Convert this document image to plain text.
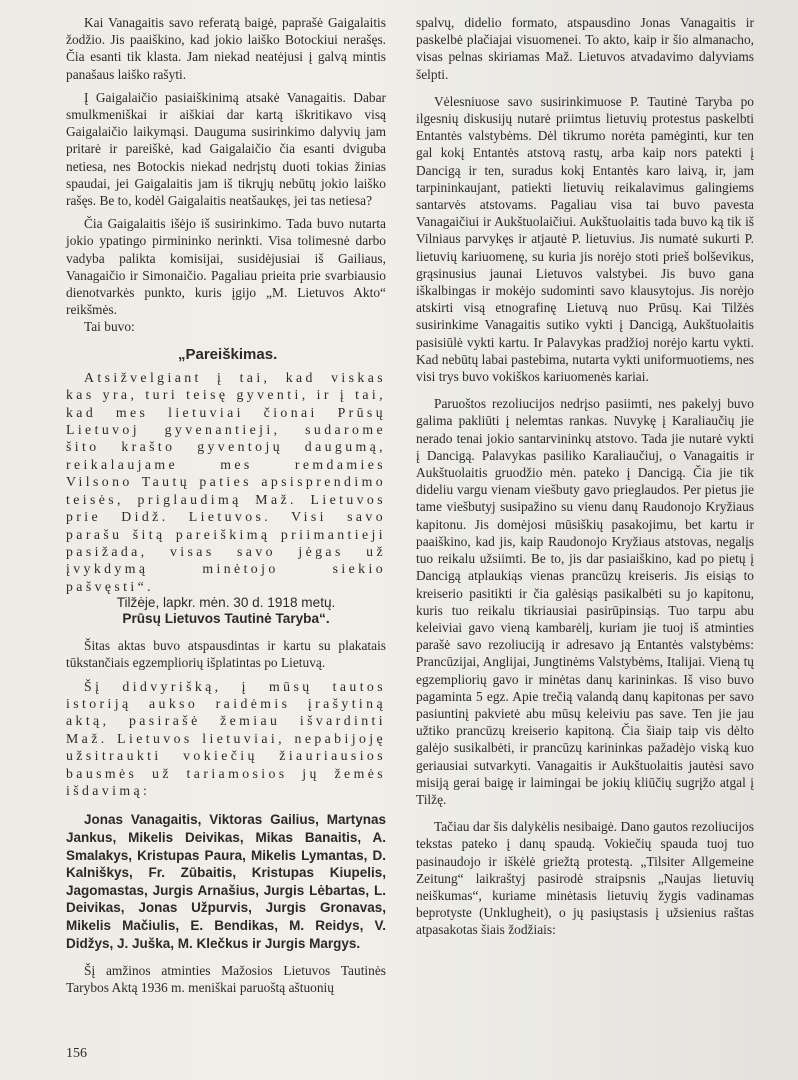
Kai Vanagaitis savo referatą baigė, paprašė Gaigalaitis žodžio. Jis paaiškino, kad jokio laiško Botockiui nerašęs. Čia esanti tik klasta. Jam niekad neatėjusi į galvą mintis panašaus laiško rašyti.

Į Gaigalaičio pasiaiškinimą atsakė Vanagaitis. Dabar smulkmeniškai ir aiškiai dar kartą iškritikavo visą Gaigalaičio laikymąsi. Dauguma susirinkimo dalyvių jam pritarė ir pareiškė, kad Gaigalaičio čia esanti dviguba netiesa, nes Botockis niekad nedrįstų duoti tokias žinias spaudai, jei Gaigalaitis jam iš tikrųjų nebūtų jokio laiško rašęs. Be to, kodėl Gaigalaitis neatšaukęs, jei tas netiesa?

Čia Gaigalaitis išėjo iš susirinkimo. Tada buvo nutarta jokio ypatingo pirmininko nerinkti. Visa tolimesnė darbo vadyba palikta komisijai, susidėjusiai iš Gailiaus, Vanagaičio ir Simonaičio. Pagaliau prieita prie svarbiausio dienotvarkės punkto, kuris įgijo „M. Lietuvos Akto“ reikšmės.

Tai buvo:

„Pareiškimas.

Atsižvelgiant į tai, kad viskas kas yra, turi teisę gyventi, ir į tai, kad mes lietuviai čionai Prūsų Lietuvoj gyvenantieji, sudarome šito krašto gyventojų daugumą, reikalaujame mes remdamies Vilsono Tautų paties apsisprendimo teisės, priglaudimą Maž. Lietuvos prie Didž. Lietuvos. Visi savo parašu šitą pareiškimą priimantieji pasižada, visas savo jėgas už įvykdymą minėtojo siekio pašvęsti“.

Tilžėje, lapkr. mėn. 30 d. 1918 metų.
Prūsų Lietuvos Tautinė Taryba“.

Šitas aktas buvo atspausdintas ir kartu su plakatais tūkstančiais egzempliorių išplatintas po Lietuvą.

Šį didvyrišką, į mūsų tautos istoriją aukso raidėmis įrašytiną aktą, pasirašė žemiau išvardinti Maž. Lietuvos lietuviai, nepabijoję užsitraukti vokiečių žiauriausios bausmės už tariamosios jų žemės išdavimą:

Jonas Vanagaitis, Viktoras Gailius, Martynas Jankus, Mikelis Deivikas, Mikas Banaitis, A. Smalakys, Kristupas Paura, Mikelis Lymantas, D. Kalniškys, Fr. Zūbaitis, Kristupas Kiupelis, Jagomastas, Jurgis Arnašius, Jurgis Lėbartas, L. Deivikas, Jonas Užpurvis, Jurgis Gronavas, Mikelis Mačiulis, E. Bendikas, M. Reidys, V. Didžys, J. Juška, M. Klečkus ir Jurgis Margys.

Šį amžinos atminties Mažosios Lietuvos Tautinės Tarybos Aktą 1936 m. meniškai paruoštą aštuonių

spalvų, didelio formato, atspausdino Jonas Vanagaitis ir paskelbė plačiajai visuomenei. To akto, kaip ir šio almanacho, visas pelnas skiriamas Maž. Lietuvos atvadavimo dalyviams šelpti.

Vėlesniuose savo susirinkimuose P. Tautinė Taryba po ilgesnių diskusijų nutarė priimtus lietuvių protestus paskelbti Entantės valstybėms. Dėl tikrumo norėta pamėginti, kur ten gal kokį Entantės atstovą rastų, arba kaip nors patekti į Dancigą ir ten, suradus kokį Entantės karo laivą, ir, jam tarpininkaujant, patiekti lietuvių reikalavimus galingiems santarvės atstovams. Pagaliau visa tai buvo pavesta Vanagaičiui ir Aukštuolaičiui. Aukštuolaitis tada buvo ką tik iš Vilniaus parvykęs ir atjautė P. lietuvius. Jis numatė sukurti P. lietuvių kariuomenę, su kuria jis norėjo stoti prieš bolševikus, grąsinusius jaunai Lietuvos valstybei. Jis buvo gana iškalbingas ir mokėjo sudominti savo klausytojus. Jis norėjo atskirti visą etnografinę Lietuvą nuo Prūsų. Kai Tilžės susirinkime Vanagaitis sutiko vykti į Dancigą, Aukštuolaitis pasisiūlė vykti kartu. Ir Palavykas pradžioj norėjo kartu vykti. Kad nebūtų labai pastebima, nutarta vykti uniformuotiems, nes visi trys buvo vokiškos kariuomenės kariai.

Paruoštos rezoliucijos nedrįso pasiimti, nes pakelyj buvo galima pakliūti į nelemtas rankas. Nuvykę į Karaliaučių jie nerado tenai jokio santarvininkų atstovo. Tada jie nutarė vykti į Dancigą. Palavykas pasiliko Karaliaučiuj, o Vanagaitis ir Aukštuolaitis gruodžio mėn. pateko į Dancigą. Čia jie tik dideliu vargu vienam viešbuty gavo prieglaudos. Per pietus jie tame viešbutyj susipažino su vienu danų Raudonojo Kryžiaus kapitonu. Jis domėjosi mūsiškių pasakojimu, bet kartu ir paaiškino, kad jis, kaip Raudonojo Kryžiaus atstovas, negalįs tuo reikalu užsiimti. Be to, jis dar pasiaiškino, kad po pietų į Dancigą atplaukiąs vienas prancūzų kreiseris. Jis eisiąs to kreiserio pasitikti ir čia galėsiąs pasikalbėti su jo kapitonu, kuris tuo reikalu tikriausiai pasirūpinsiąs. Tuo tarpu abu keleiviai gavo vieną kambarėlį, kuriam jie tuoj iš atminties parašė savo rezoliuciją ir adresavo ją Entantės valstybėms: Prancūzijai, Anglijai, Jungtinėms Valstybėms, Italijai. Vieną tų egzempliorių gavo ir minėtas danų karininkas. Iš viso buvo pagaminta 5 egz. Apie trečią valandą danų kapitonas per savo pasiuntinį pakvietė abu mūsų keleiviu pas save. Ten jie jau užtiko prancūzų kreiserio kapitoną. Čia šiaip taip vis dėlto galėjo susikalbėti, ir prancūzų karininkas pažadėjo viską kuo geriausiai sutvarkyti. Vanagaitis ir Aukštuolaitis jautėsi savo misiją gerai baigę ir laimingai be jokių kliūčių sugrįžo atgal į Tilžę.

Tačiau dar šis dalykėlis nesibaigė. Dano gautos rezoliucijos tekstas pateko į danų spaudą. Vokiečių spauda tuoj tuo pasinaudojo ir iškėlė griežtą protestą. „Tilsiter Allgemeine Zeitung“ laikraštyj pasirodė straipsnis „Naujas lietuvių neiškumas“, kuriame minėtasis lietuvių žygis vadinamas beprotyste (Unklugheit), o jų pasiųstasis į užsienius raštas atpasakotas šiais žodžiais:

156
